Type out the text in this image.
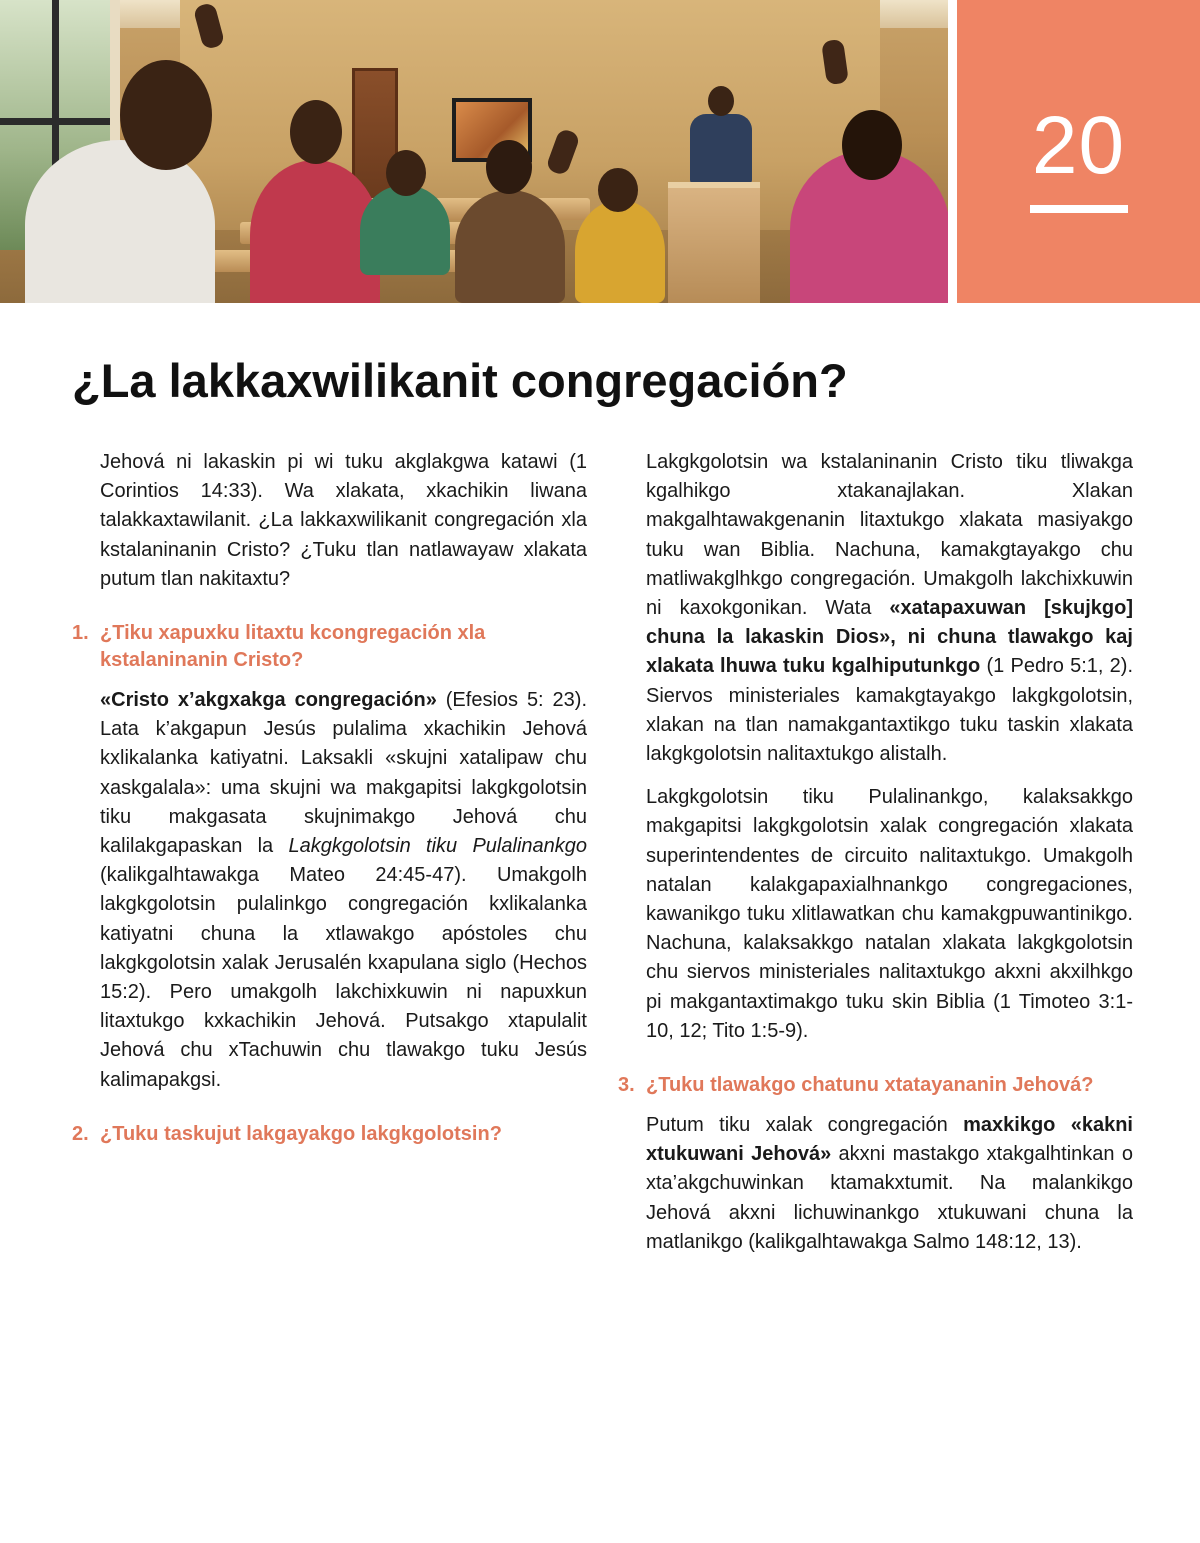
20
¿La lakkaxwilikanit congregación?

Jehová ni lakaskin pi wi tuku akglakgwa katawi (1 Corintios 14:33). Wa xlakata, xkachikin liwana talakkaxtawilanit. ¿La lakkaxwilikanit congregación xla kstalaninanin Cristo? ¿Tuku tlan natlawayaw xlakata putum tlan nakitaxtu?

1. ¿Tiku xapuxku litaxtu kcongregación xla kstalaninanin Cristo?

«Cristo x’akgxakga congregación» (Efesios 5: 23). Lata k’akgapun Jesús pulalima xkachikin Jehová kxlikalanka katiyatni. Laksakli «skujni xatalipaw chu xaskgalala»: uma skujni wa makgapitsi lakgkgolotsin tiku makgasata skujnimakgo Jehová chu kalilakgapaskan la Lakgkgolotsin tiku Pulalinankgo (kalikgalhtawakga Mateo 24:45-47). Umakgolh lakgkgolotsin pulalinkgo congregación kxlikalanka katiyatni chuna la xtlawakgo apóstoles chu lakgkgolotsin xalak Jerusalén kxapulana siglo (Hechos 15:2). Pero umakgolh lakchixkuwin ni napuxkun litaxtukgo kxkachikin Jehová. Putsakgo xtapulalit Jehová chu xTachuwin chu tlawakgo tuku Jesús kalimapakgsi.

2. ¿Tuku taskujut lakgayakgo lakgkgolotsin?

Lakgkgolotsin wa kstalaninanin Cristo tiku tliwakga kgalhikgo xtakanajlakan. Xlakan makgalhtawakgenanin litaxtukgo xlakata masiyakgo tuku wan Biblia. Nachuna, kamakgtayakgo chu matliwakglhkgo congregación. Umakgolh lakchixkuwin ni kaxokgonikan. Wata «xatapaxuwan [skujkgo] chuna la lakaskin Dios», ni chuna tlawakgo kaj xlakata lhuwa tuku kgalhiputunkgo (1 Pedro 5:1, 2). Siervos ministeriales kamakgtayakgo lakgkgolotsin, xlakan na tlan namakgantaxtikgo tuku taskin xlakata lakgkgolotsin nalitaxtukgo alistalh.

Lakgkgolotsin tiku Pulalinankgo, kalaksakkgo makgapitsi lakgkgolotsin xalak congregación xlakata superintendentes de circuito nalitaxtukgo. Umakgolh natalan kalakgapaxialhnankgo congregaciones, kawanikgo tuku xlitlawatkan chu kamakgpuwantinikgo. Nachuna, kalaksakkgo natalan xlakata lakgkgolotsin chu siervos ministeriales nalitaxtukgo akxni akxilhkgo pi makgantaxtimakgo tuku skin Biblia (1 Timoteo 3:1-10, 12; Tito 1:5-9).

3. ¿Tuku tlawakgo chatunu xtatayananin Jehová?

Putum tiku xalak congregación maxkikgo «kakni xtukuwani Jehová» akxni mastakgo xtakgalhtinkan o xta’akgchuwinkan ktamakxtumit. Na malankikgo Jehová akxni lichuwinankgo xtukuwani chuna la matlanikgo (kalikgalhtawakga Salmo 148:12, 13).
